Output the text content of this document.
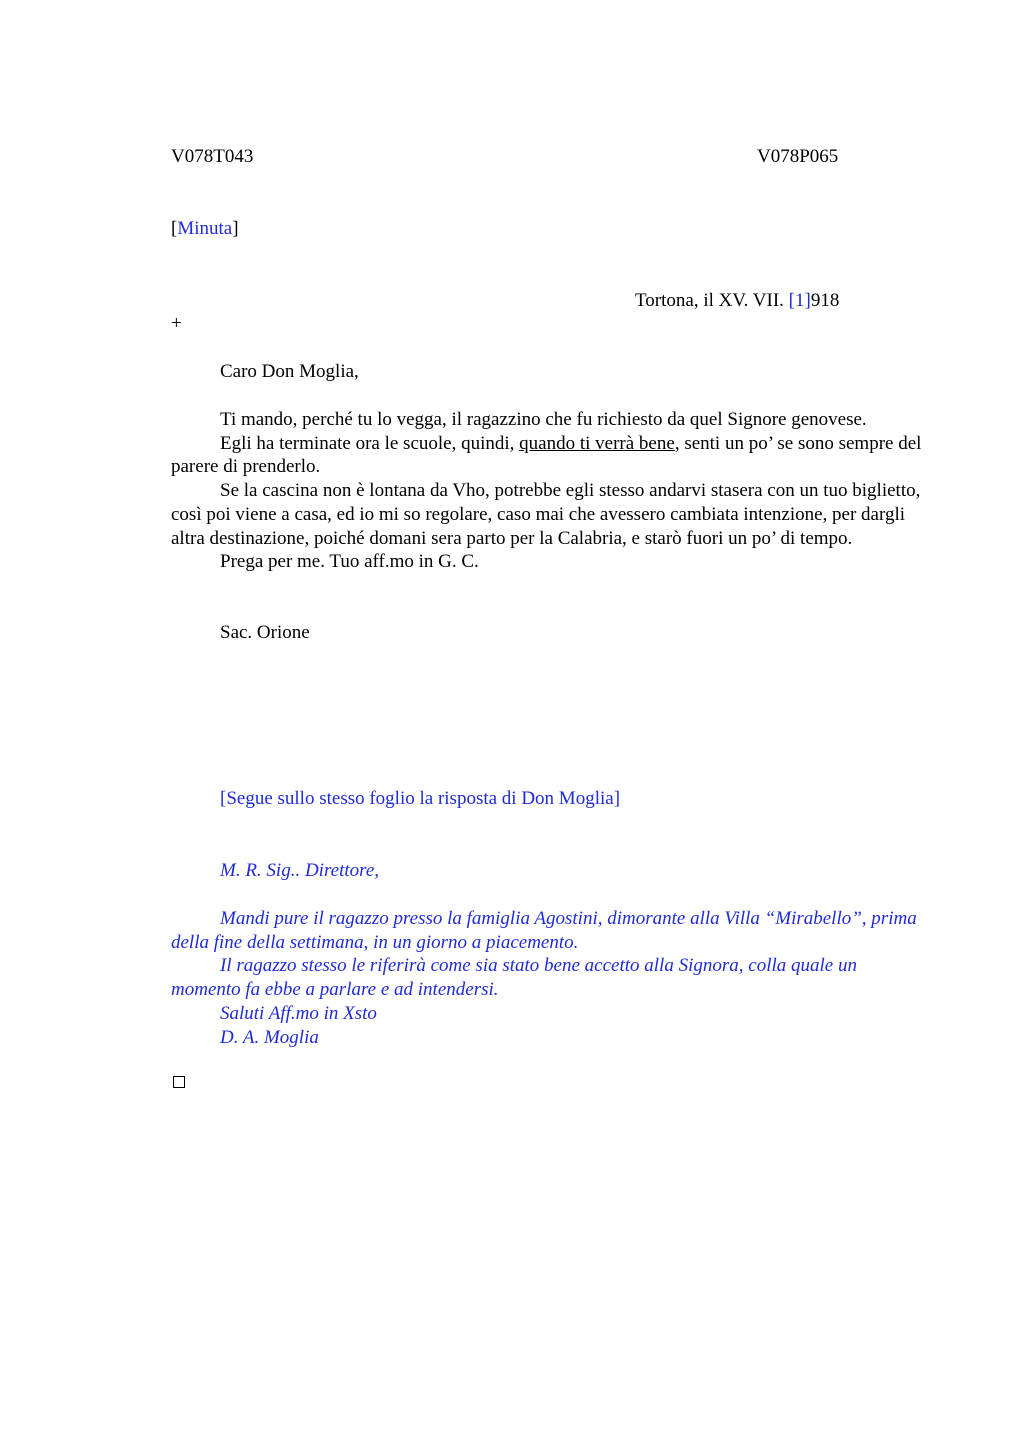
V078T043	V078P065
[Minuta]
Tortona, il XV. VII. [1]918
+
Caro Don Moglia,

Ti mando, perché tu lo vegga, il ragazzino che fu richiesto da quel Signore genovese.

Egli ha terminate ora le scuole, quindi, quando ti verrà bene, senti un po’ se sono sempre del parere di prenderlo.

Se la cascina non è lontana da Vho, potrebbe egli stesso andarvi stasera con un tuo biglietto, così poi viene a casa, ed io mi so regolare, caso mai che avessero cambiata intenzione, per dargli altra destinazione, poiché domani sera parto per la Calabria, e starò fuori un po’ di tempo.

Prega per me. Tuo aff.mo in G. C.

Sac. Orione
[Segue sullo stesso foglio la risposta di Don Moglia]
M. R. Sig.. Direttore,

Mandi pure il ragazzo presso la famiglia Agostini, dimorante alla Villa “Mirabello”, prima della fine della settimana, in un giorno a piacemento.

Il ragazzo stesso le riferirà come sia stato bene accetto alla Signora, colla quale un momento fa ebbe a parlare e ad intendersi.

Saluti Aff.mo in Xsto

D. A. Moglia
